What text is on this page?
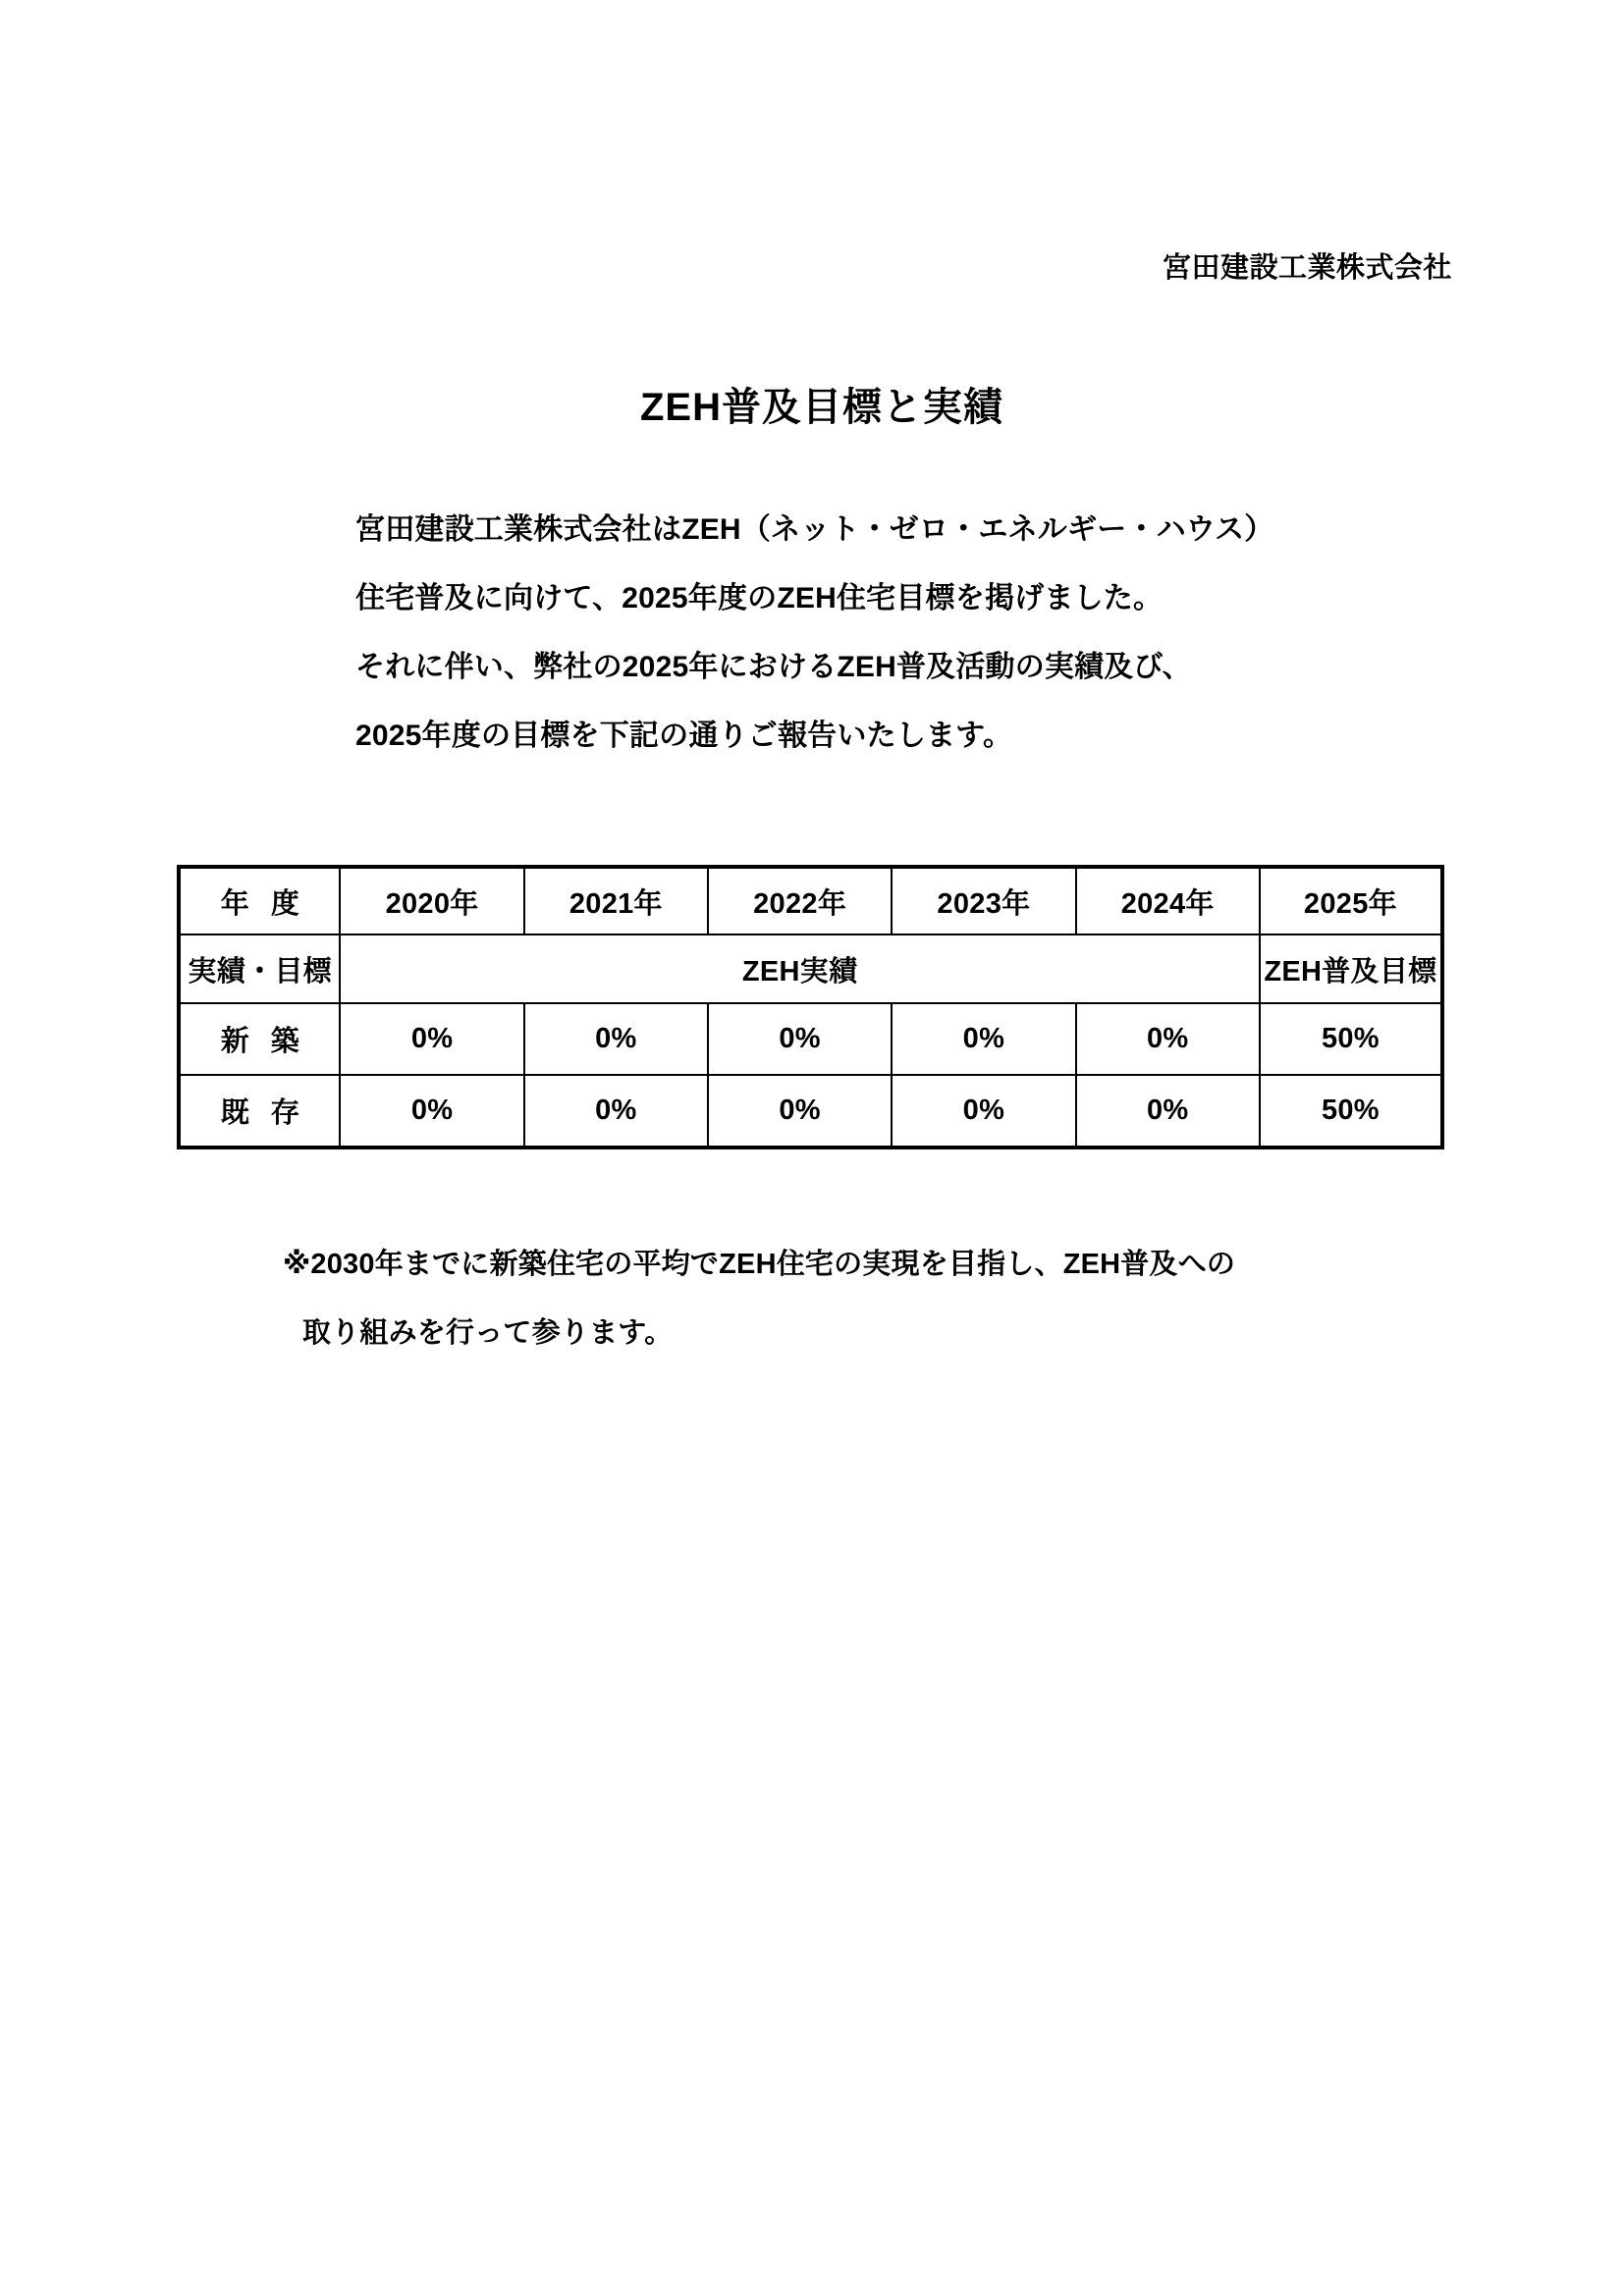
宮田建設工業株式会社
ZEH普及目標と実績
宮田建設工業株式会社はZEH（ネット・ゼロ・エネルギー・ハウス）
住宅普及に向けて、2025年度のZEH住宅目標を掲げました。
それに伴い、弊社の2025年におけるZEH普及活動の実績及び、
2025年度の目標を下記の通りご報告いたします。
年度	2020年	2021年	2022年	2023年	2024年	2025年
実績・目標	ZEH実績					ZEH普及目標
新築	0%	0%	0%	0%	0%	50%
既存	0%	0%	0%	0%	0%	50%
※2030年までに新築住宅の平均でZEH住宅の実現を目指し、ZEH普及への
取り組みを行って参ります。
